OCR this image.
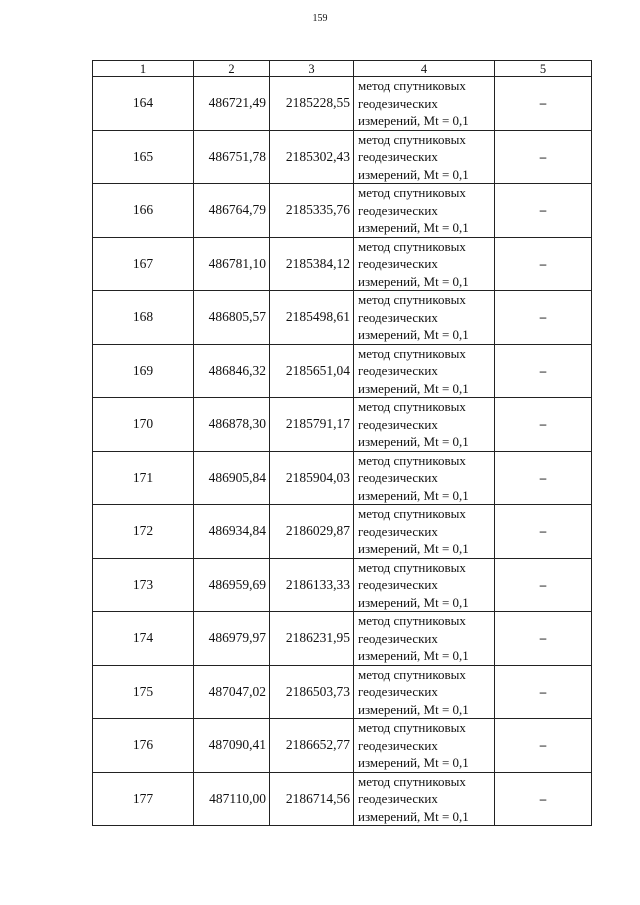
159
1	2	3	4	5
164	486721,49	2185228,55	метод спутниковых
геодезических
измерений, Mt = 0,1	–
165	486751,78	2185302,43	метод спутниковых
геодезических
измерений, Mt = 0,1	–
166	486764,79	2185335,76	метод спутниковых
геодезических
измерений, Mt = 0,1	–
167	486781,10	2185384,12	метод спутниковых
геодезических
измерений, Mt = 0,1	–
168	486805,57	2185498,61	метод спутниковых
геодезических
измерений, Mt = 0,1	–
169	486846,32	2185651,04	метод спутниковых
геодезических
измерений, Mt = 0,1	–
170	486878,30	2185791,17	метод спутниковых
геодезических
измерений, Mt = 0,1	–
171	486905,84	2185904,03	метод спутниковых
геодезических
измерений, Mt = 0,1	–
172	486934,84	2186029,87	метод спутниковых
геодезических
измерений, Mt = 0,1	–
173	486959,69	2186133,33	метод спутниковых
геодезических
измерений, Mt = 0,1	–
174	486979,97	2186231,95	метод спутниковых
геодезических
измерений, Mt = 0,1	–
175	487047,02	2186503,73	метод спутниковых
геодезических
измерений, Mt = 0,1	–
176	487090,41	2186652,77	метод спутниковых
геодезических
измерений, Mt = 0,1	–
177	487110,00	2186714,56	метод спутниковых
геодезических
измерений, Mt = 0,1	–
